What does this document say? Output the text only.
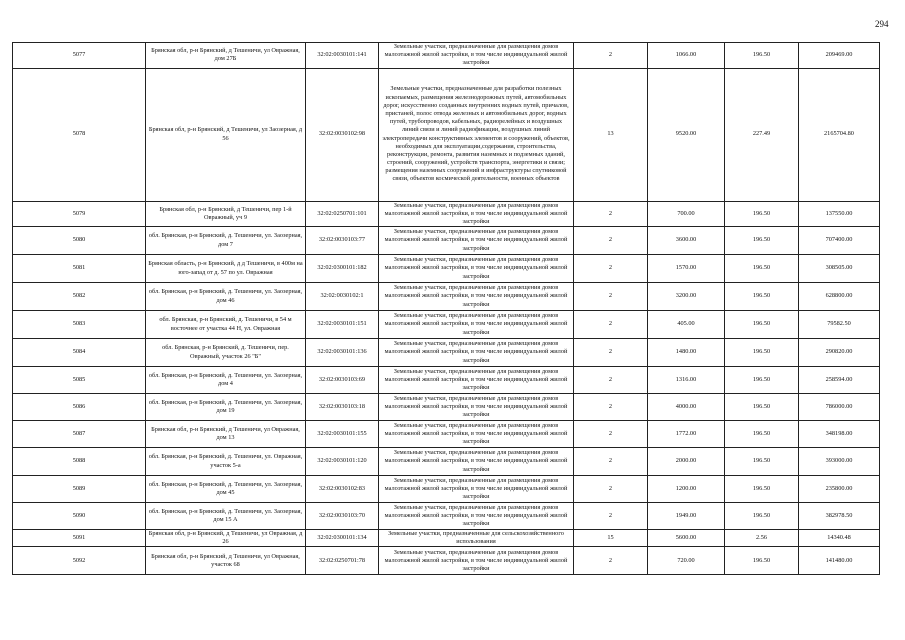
294
5077	Брянская обл, р-н Брянский, д Тешеничи, ул Овражная, дом 27Б	32:02:0030101:141	Земельные участки, предназначенные для размещения домов малоэтажной жилой застройки, в том числе индивидуальной жилой застройки	2	1066.00	196.50	209469.00
5078	Брянская обл, р-н Брянский, д Тешеничи, ул Заозерная, д 56	32:02:0030102:98	Земельные участки, предназначенные для разработки полезных ископаемых, размещения железнодорожных путей, автомобильных дорог, искусственно созданных внутренних водных путей, причалов, пристаней, полос отвода железных и автомобильных дорог, водных путей, трубопроводов, кабельных, радиорелейных и воздушных линий связи и линий радиофикации, воздушных линий электропередачи конструктивных элементов и сооружений, объектов, необходимых для эксплуатации,содержания, строительства, реконструкции, ремонта, развития наземных и подземных зданий, строений, сооружений, устройств транспорта, энергетики и связи; размещения наземных сооружений и инфраструктуры спутниковой связи, объектов космической деятельности, военных объектов	13	9520.00	227.49	2165704.80
5079	Брянская обл, р-н Брянский, д Тешеничи, пер 1-й Овражный, уч 9	32:02:0250701:101	Земельные участки, предназначенные для размещения домов малоэтажной жилой застройки, в том числе индивидуальной жилой застройки	2	700.00	196.50	137550.00
5080	обл. Брянская, р-н Брянский, д. Тешеничи, ул. Заозерная, дом 7	32:02:0030103:77	Земельные участки, предназначенные для размещения домов малоэтажной жилой застройки, в том числе индивидуальной жилой застройки	2	3600.00	196.50	707400.00
5081	Брянская область, р-н Брянский, д д Тешеничи, в 400м на юго-запад от д. 57 по ул. Овражная	32:02:0300101:182	Земельные участки, предназначенные для размещения домов малоэтажной жилой застройки, в том числе индивидуальной жилой застройки	2	1570.00	196.50	308505.00
5082	обл. Брянская, р-н Брянский, д. Тешеничи, ул. Заозерная, дом 46	32:02:0030102:1	Земельные участки, предназначенные для размещения домов малоэтажной жилой застройки, в том числе индивидуальной жилой застройки	2	3200.00	196.50	628800.00
5083	обл. Брянская, р-н Брянский, д. Тешеничи, в 54 м восточнее от участка 44 Н, ул. Овражная	32:02:0030101:151	Земельные участки, предназначенные для размещения домов малоэтажной жилой застройки, в том числе индивидуальной жилой застройки	2	405.00	196.50	79582.50
5084	обл. Брянская, р-н Брянский, д. Тешеничи, пер. Овражный, участок 26 "Б"	32:02:0030101:136	Земельные участки, предназначенные для размещения домов малоэтажной жилой застройки, в том числе индивидуальной жилой застройки	2	1480.00	196.50	290820.00
5085	обл. Брянская, р-н Брянский, д. Тешеничи, ул. Заозерная, дом 4	32:02:0030103:69	Земельные участки, предназначенные для размещения домов малоэтажной жилой застройки, в том числе индивидуальной жилой застройки	2	1316.00	196.50	258594.00
5086	обл. Брянская, р-н Брянский, д. Тешеничи, ул. Заозерная, дом 19	32:02:0030103:18	Земельные участки, предназначенные для размещения домов малоэтажной жилой застройки, в том числе индивидуальной жилой застройки	2	4000.00	196.50	786000.00
5087	Брянская обл, р-н Брянский, д Тешеничи, ул Овражная, дом 13	32:02:0030101:155	Земельные участки, предназначенные для размещения домов малоэтажной жилой застройки, в том числе индивидуальной жилой застройки	2	1772.00	196.50	348198.00
5088	обл. Брянская, р-н Брянский, д. Тешеничи, ул. Овражная, участок 5-а	32:02:0030101:120	Земельные участки, предназначенные для размещения домов малоэтажной жилой застройки, в том числе индивидуальной жилой застройки	2	2000.00	196.50	393000.00
5089	обл. Брянская, р-н Брянский, д. Тешеничи, ул. Заозерная, дом 45	32:02:0030102:83	Земельные участки, предназначенные для размещения домов малоэтажной жилой застройки, в том числе индивидуальной жилой застройки	2	1200.00	196.50	235800.00
5090	обл. Брянская, р-н Брянский, д. Тешеничи, ул. Заозерная, дом 15 А	32:02:0030103:70	Земельные участки, предназначенные для размещения домов малоэтажной жилой застройки, в том числе индивидуальной жилой застройки	2	1949.00	196.50	382978.50
5091	Брянская обл, р-н Брянский, д Тешеничи, ул Овражная, д 26	32:02:0300101:134	Земельные участки, предназначенные для сельскохозяйственного использования	15	5600.00	2.56	14340.48
5092	Брянская обл, р-н Брянский, д Тешеничи, ул Овражная, участок 68	32:02:0250701:78	Земельные участки, предназначенные для размещения домов малоэтажной жилой застройки, в том числе индивидуальной жилой застройки	2	720.00	196.50	141480.00
